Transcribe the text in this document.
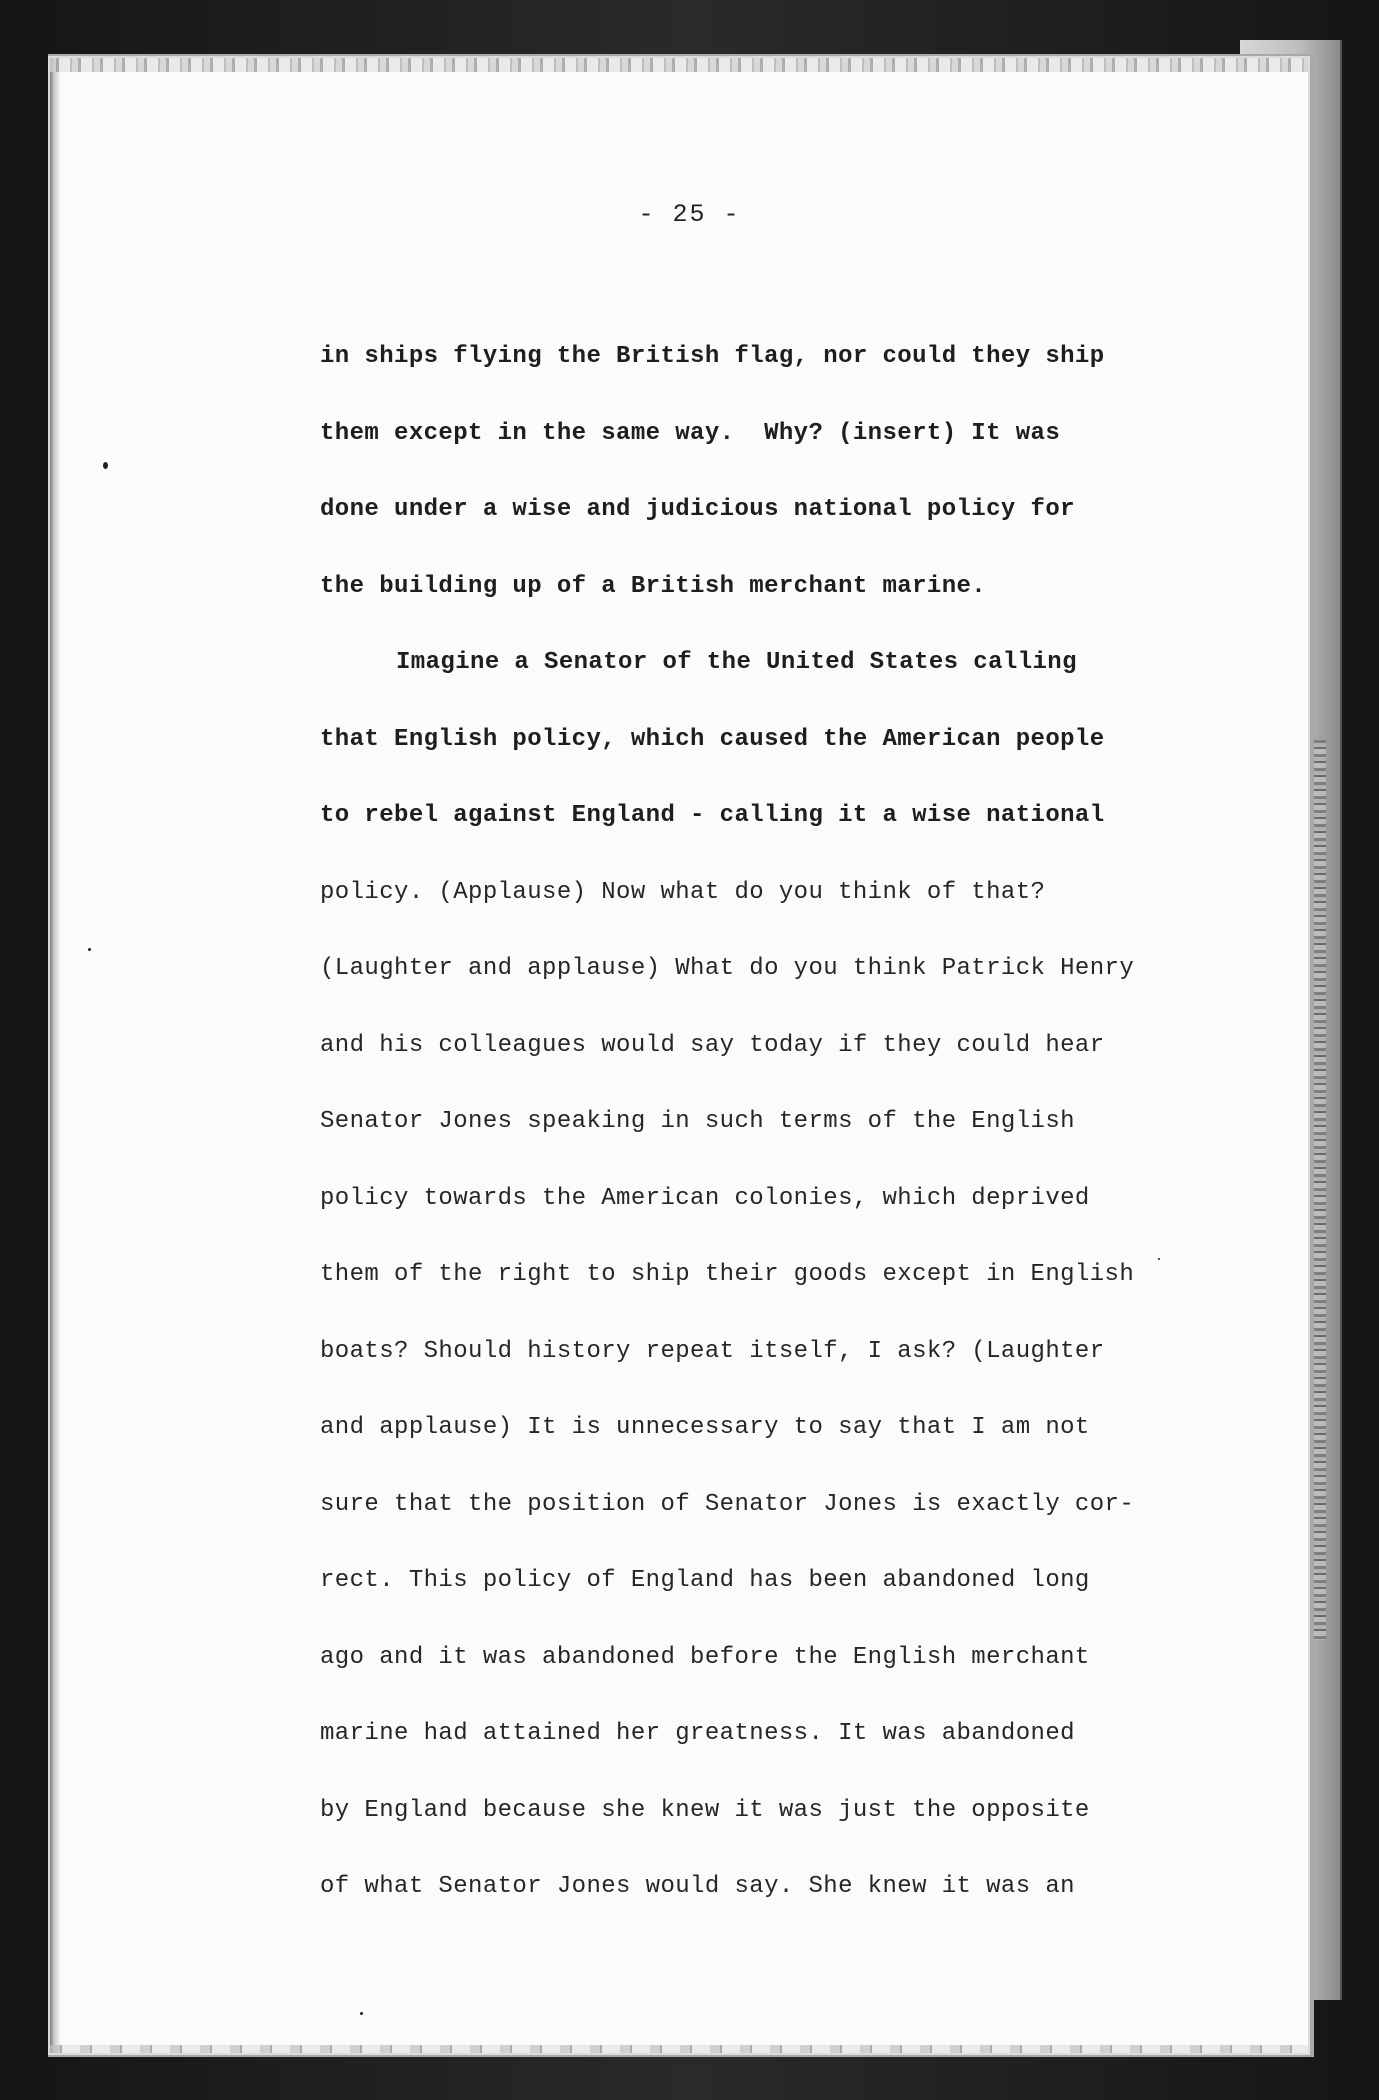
- 25 -
in ships flying the British flag, nor could they ship
them except in the same way.  Why? (insert) It was
done under a wise and judicious national policy for
the building up of a British merchant marine.
Imagine a Senator of the United States calling
that English policy, which caused the American people
to rebel against England - calling it a wise national
policy. (Applause) Now what do you think of that?
(Laughter and applause) What do you think Patrick Henry
and his colleagues would say today if they could hear
Senator Jones speaking in such terms of the English
policy towards the American colonies, which deprived
them of the right to ship their goods except in English
boats? Should history repeat itself, I ask? (Laughter
and applause) It is unnecessary to say that I am not
sure that the position of Senator Jones is exactly cor-
rect. This policy of England has been abandoned long
ago and it was abandoned before the English merchant
marine had attained her greatness. It was abandoned
by England because she knew it was just the opposite
of what Senator Jones would say. She knew it was an
